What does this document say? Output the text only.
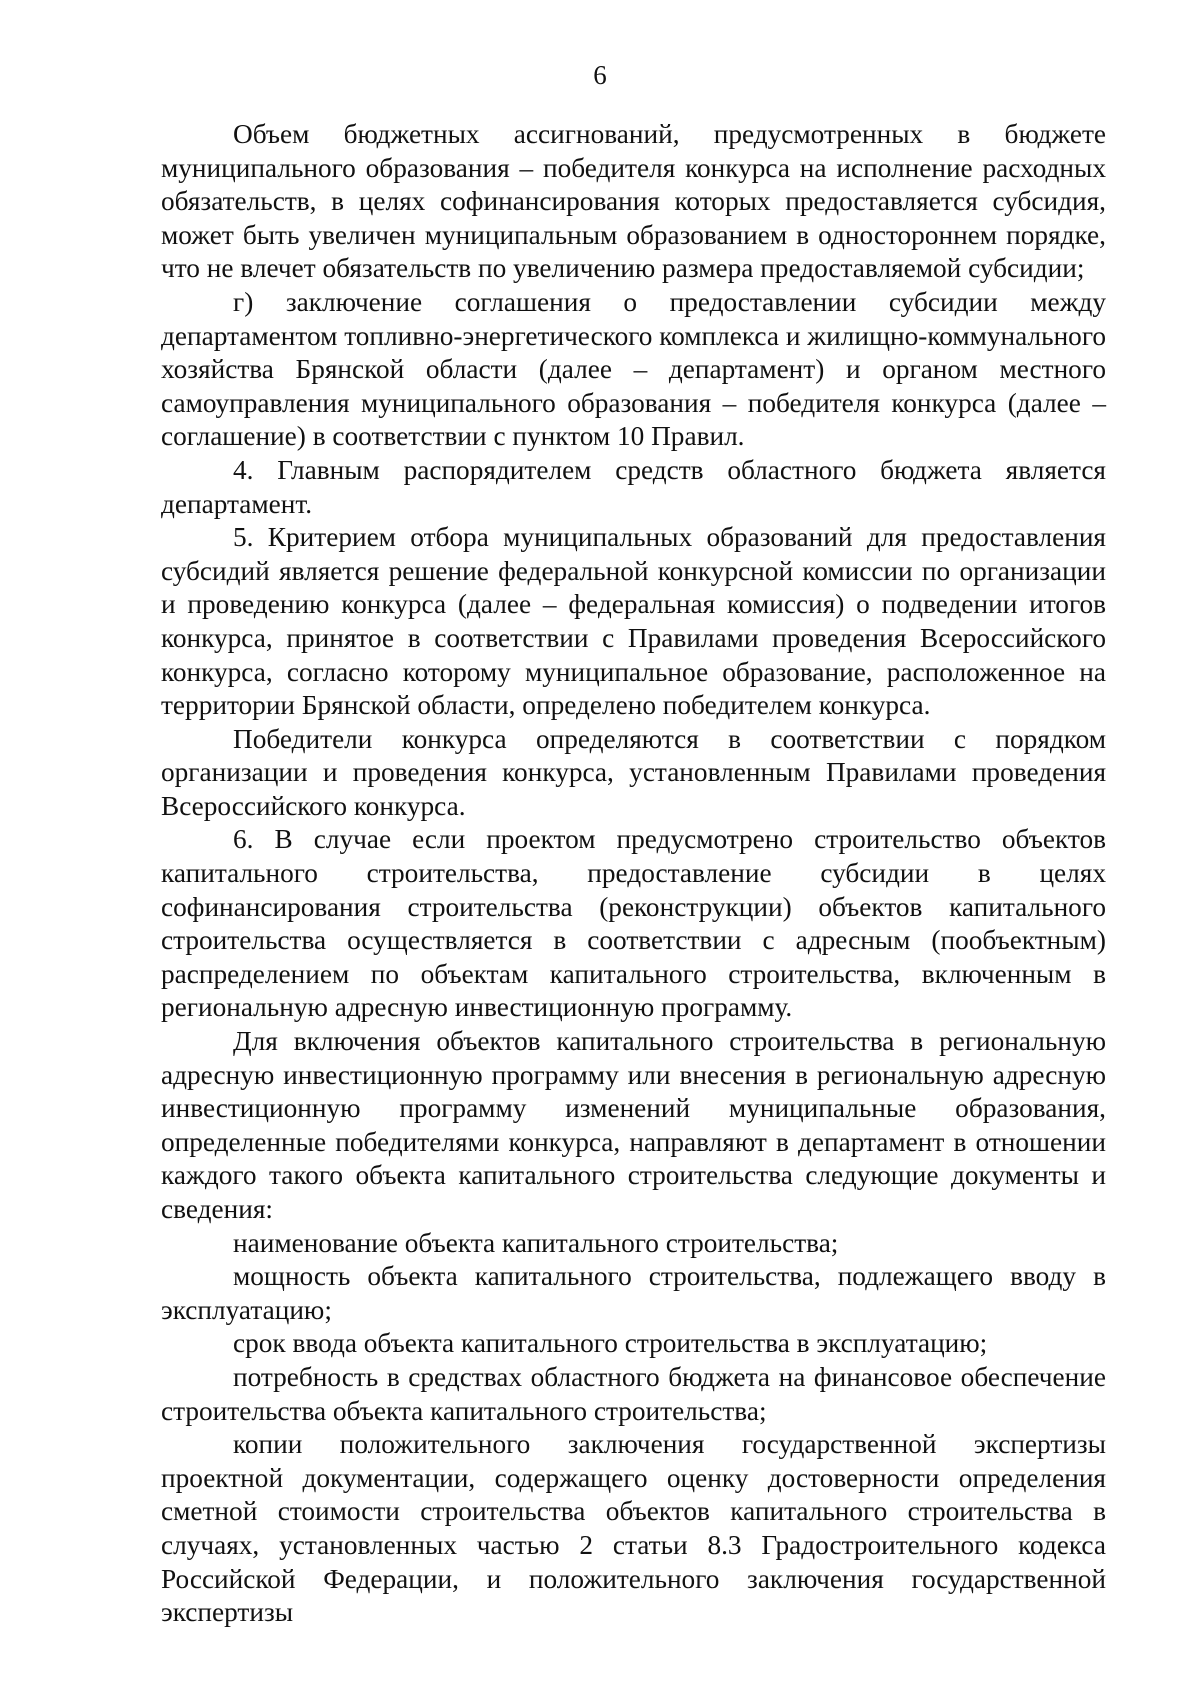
6

Объем бюджетных ассигнований, предусмотренных в бюджете муниципального образования – победителя конкурса на исполнение расходных обязательств, в целях софинансирования которых предоставляется субсидия, может быть увеличен муниципальным образованием в одностороннем порядке, что не влечет обязательств по увеличению размера предоставляемой субсидии;

г) заключение соглашения о предоставлении субсидии между департаментом топливно-энергетического комплекса и жилищно-коммунального хозяйства Брянской области (далее – департамент) и органом местного самоуправления муниципального образования – победителя конкурса (далее – соглашение) в соответствии с пунктом 10 Правил.

4. Главным распорядителем средств областного бюджета является департамент.

5. Критерием отбора муниципальных образований для предоставления субсидий является решение федеральной конкурсной комиссии по организации и проведению конкурса (далее – федеральная комиссия) о подведении итогов конкурса, принятое в соответствии с Правилами проведения Всероссийского конкурса, согласно которому муниципальное образование, расположенное на территории Брянской области, определено победителем конкурса.

Победители конкурса определяются в соответствии с порядком организации и проведения конкурса, установленным Правилами проведения Всероссийского конкурса.

6. В случае если проектом предусмотрено строительство объектов капитального строительства, предоставление субсидии в целях софинансирования строительства (реконструкции) объектов капитального строительства осуществляется в соответствии с адресным (пообъектным) распределением по объектам капитального строительства, включенным в региональную адресную инвестиционную программу.

Для включения объектов капитального строительства в региональную адресную инвестиционную программу или внесения в региональную адресную инвестиционную программу изменений муниципальные образования, определенные победителями конкурса, направляют в департамент в отношении каждого такого объекта капитального строительства следующие документы и сведения:

наименование объекта капитального строительства;

мощность объекта капитального строительства, подлежащего вводу в эксплуатацию;

срок ввода объекта капитального строительства в эксплуатацию;

потребность в средствах областного бюджета на финансовое обеспечение строительства объекта капитального строительства;

копии положительного заключения государственной экспертизы проектной документации, содержащего оценку достоверности определения сметной стоимости строительства объектов капитального строительства в случаях, установленных частью 2 статьи 8.3 Градостроительного кодекса Российской Федерации, и положительного заключения государственной экспертизы
